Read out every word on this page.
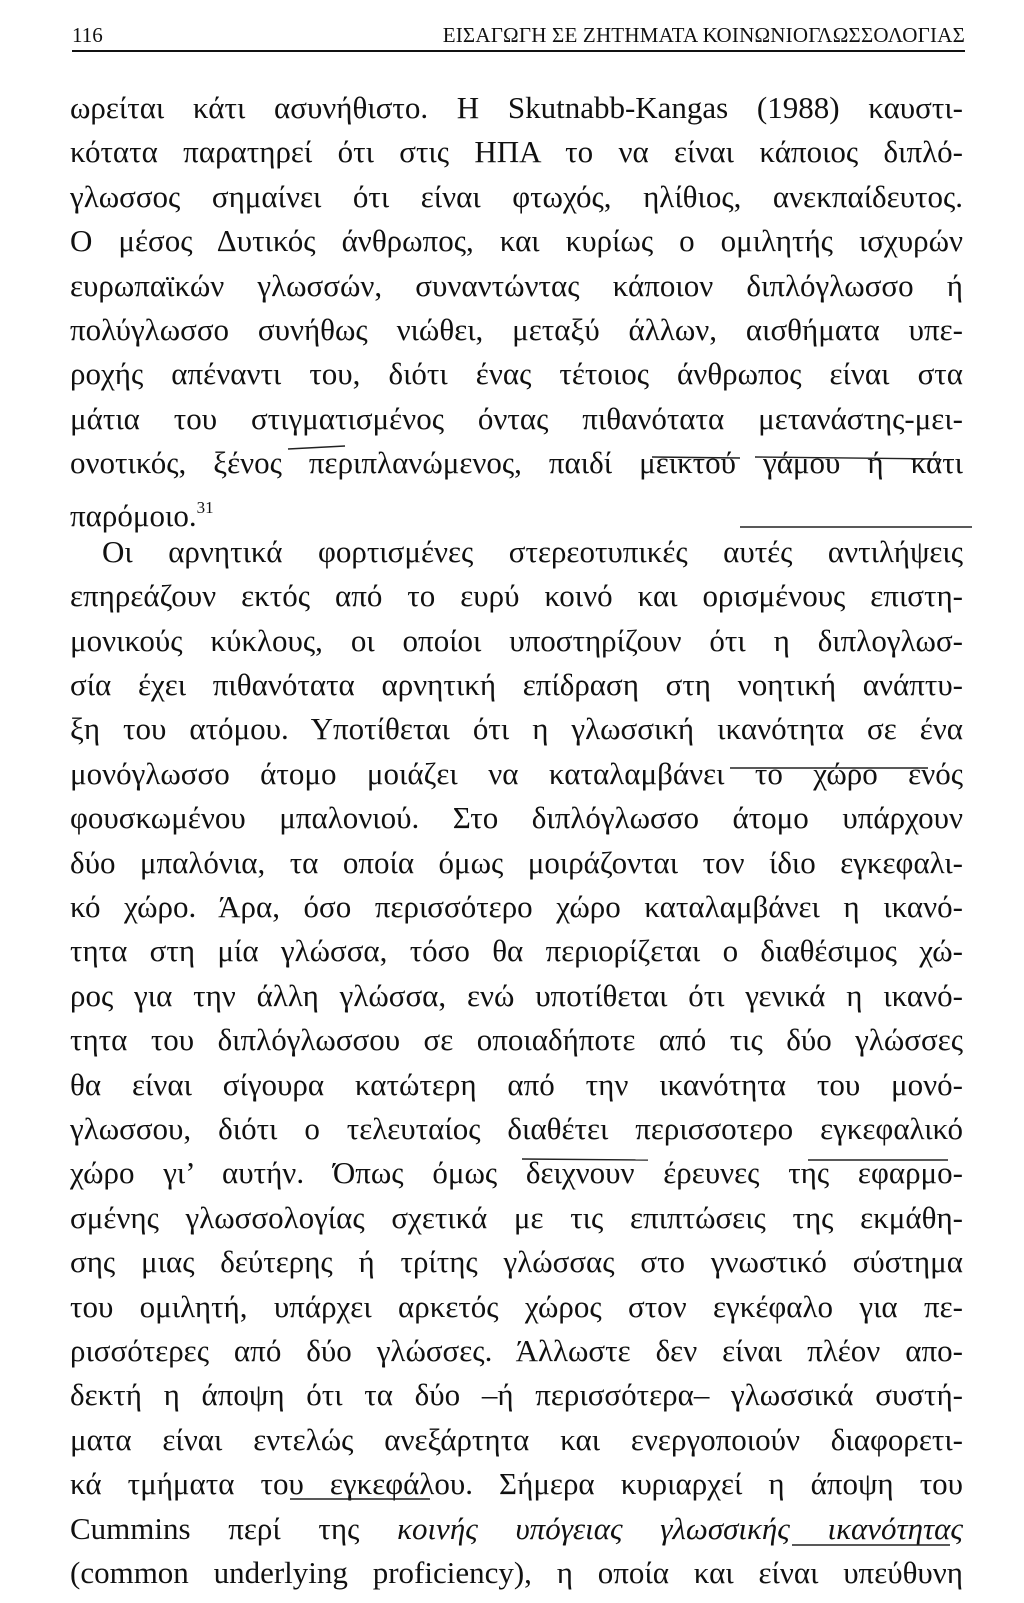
116	ΕΙΣΑΓΩΓΗ ΣΕ ΖΗΤΗΜΑΤΑ ΚΟΙΝΩΝΙΟΓΛΩΣΣΟΛΟΓΙΑΣ
ωρείται κάτι ασυνήθιστο. Η Skutnabb-Kangas (1988) καυστι-
κότατα παρατηρεί ότι στις ΗΠΑ το να είναι κάποιος διπλό-
γλωσσος σημαίνει ότι είναι φτωχός, ηλίθιος, ανεκπαίδευτος.
Ο μέσος Δυτικός άνθρωπος, και κυρίως ο ομιλητής ισχυρών
ευρωπαϊκών γλωσσών, συναντώντας κάποιον διπλόγλωσσο ή
πολύγλωσσο συνήθως νιώθει, μεταξύ άλλων, αισθήματα υπε-
ροχής απέναντι του, διότι ένας τέτοιος άνθρωπος είναι στα
μάτια του στιγματισμένος όντας πιθανότατα μετανάστης-μει-
ονοτικός, ξένος περιπλανώμενος, παιδί μεικτού γάμου ή κάτι
παρόμοιο.$^{31}$
Οι αρνητικά φορτισμένες στερεοτυπικές αυτές αντιλήψεις
επηρεάζουν εκτός από το ευρύ κοινό και ορισμένους επιστη-
μονικούς κύκλους, οι οποίοι υποστηρίζουν ότι η διπλογλωσ-
σία έχει πιθανότατα αρνητική επίδραση στη νοητική ανάπτυ-
ξη του ατόμου. Υποτίθεται ότι η γλωσσική ικανότητα σε ένα
μονόγλωσσο άτομο μοιάζει να καταλαμβάνει το χώρο ενός
φουσκωμένου μπαλονιού. Στο διπλόγλωσσο άτομο υπάρχουν
δύο μπαλόνια, τα οποία όμως μοιράζονται τον ίδιο εγκεφαλι-
κό χώρο. Άρα, όσο περισσότερο χώρο καταλαμβάνει η ικανό-
τητα στη μία γλώσσα, τόσο θα περιορίζεται ο διαθέσιμος χώ-
ρος για την άλλη γλώσσα, ενώ υποτίθεται ότι γενικά η ικανό-
τητα του διπλόγλωσσου σε οποιαδήποτε από τις δύο γλώσσες
θα είναι σίγουρα κατώτερη από την ικανότητα του μονό-
γλωσσου, διότι ο τελευταίος διαθέτει περισσοτερο εγκεφαλικό
χώρο γι’ αυτήν. Όπως όμως δειχνουν έρευνες της εφαρμο-
σμένης γλωσσολογίας σχετικά με τις επιπτώσεις της εκμάθη-
σης μιας δεύτερης ή τρίτης γλώσσας στο γνωστικό σύστημα
του ομιλητή, υπάρχει αρκετός χώρος στον εγκέφαλο για πε-
ρισσότερες από δύο γλώσσες. Άλλωστε δεν είναι πλέον απο-
δεκτή η άποψη ότι τα δύο –ή περισσότερα– γλωσσικά συστή-
ματα είναι εντελώς ανεξάρτητα και ενεργοποιούν διαφορετι-
κά τμήματα του εγκεφάλου. Σήμερα κυριαρχεί η άποψη του
Cummins περί της κοινής υπόγειας γλωσσικής ικανότητας
(common underlying proficiency), η οποία και είναι υπεύθυνη
